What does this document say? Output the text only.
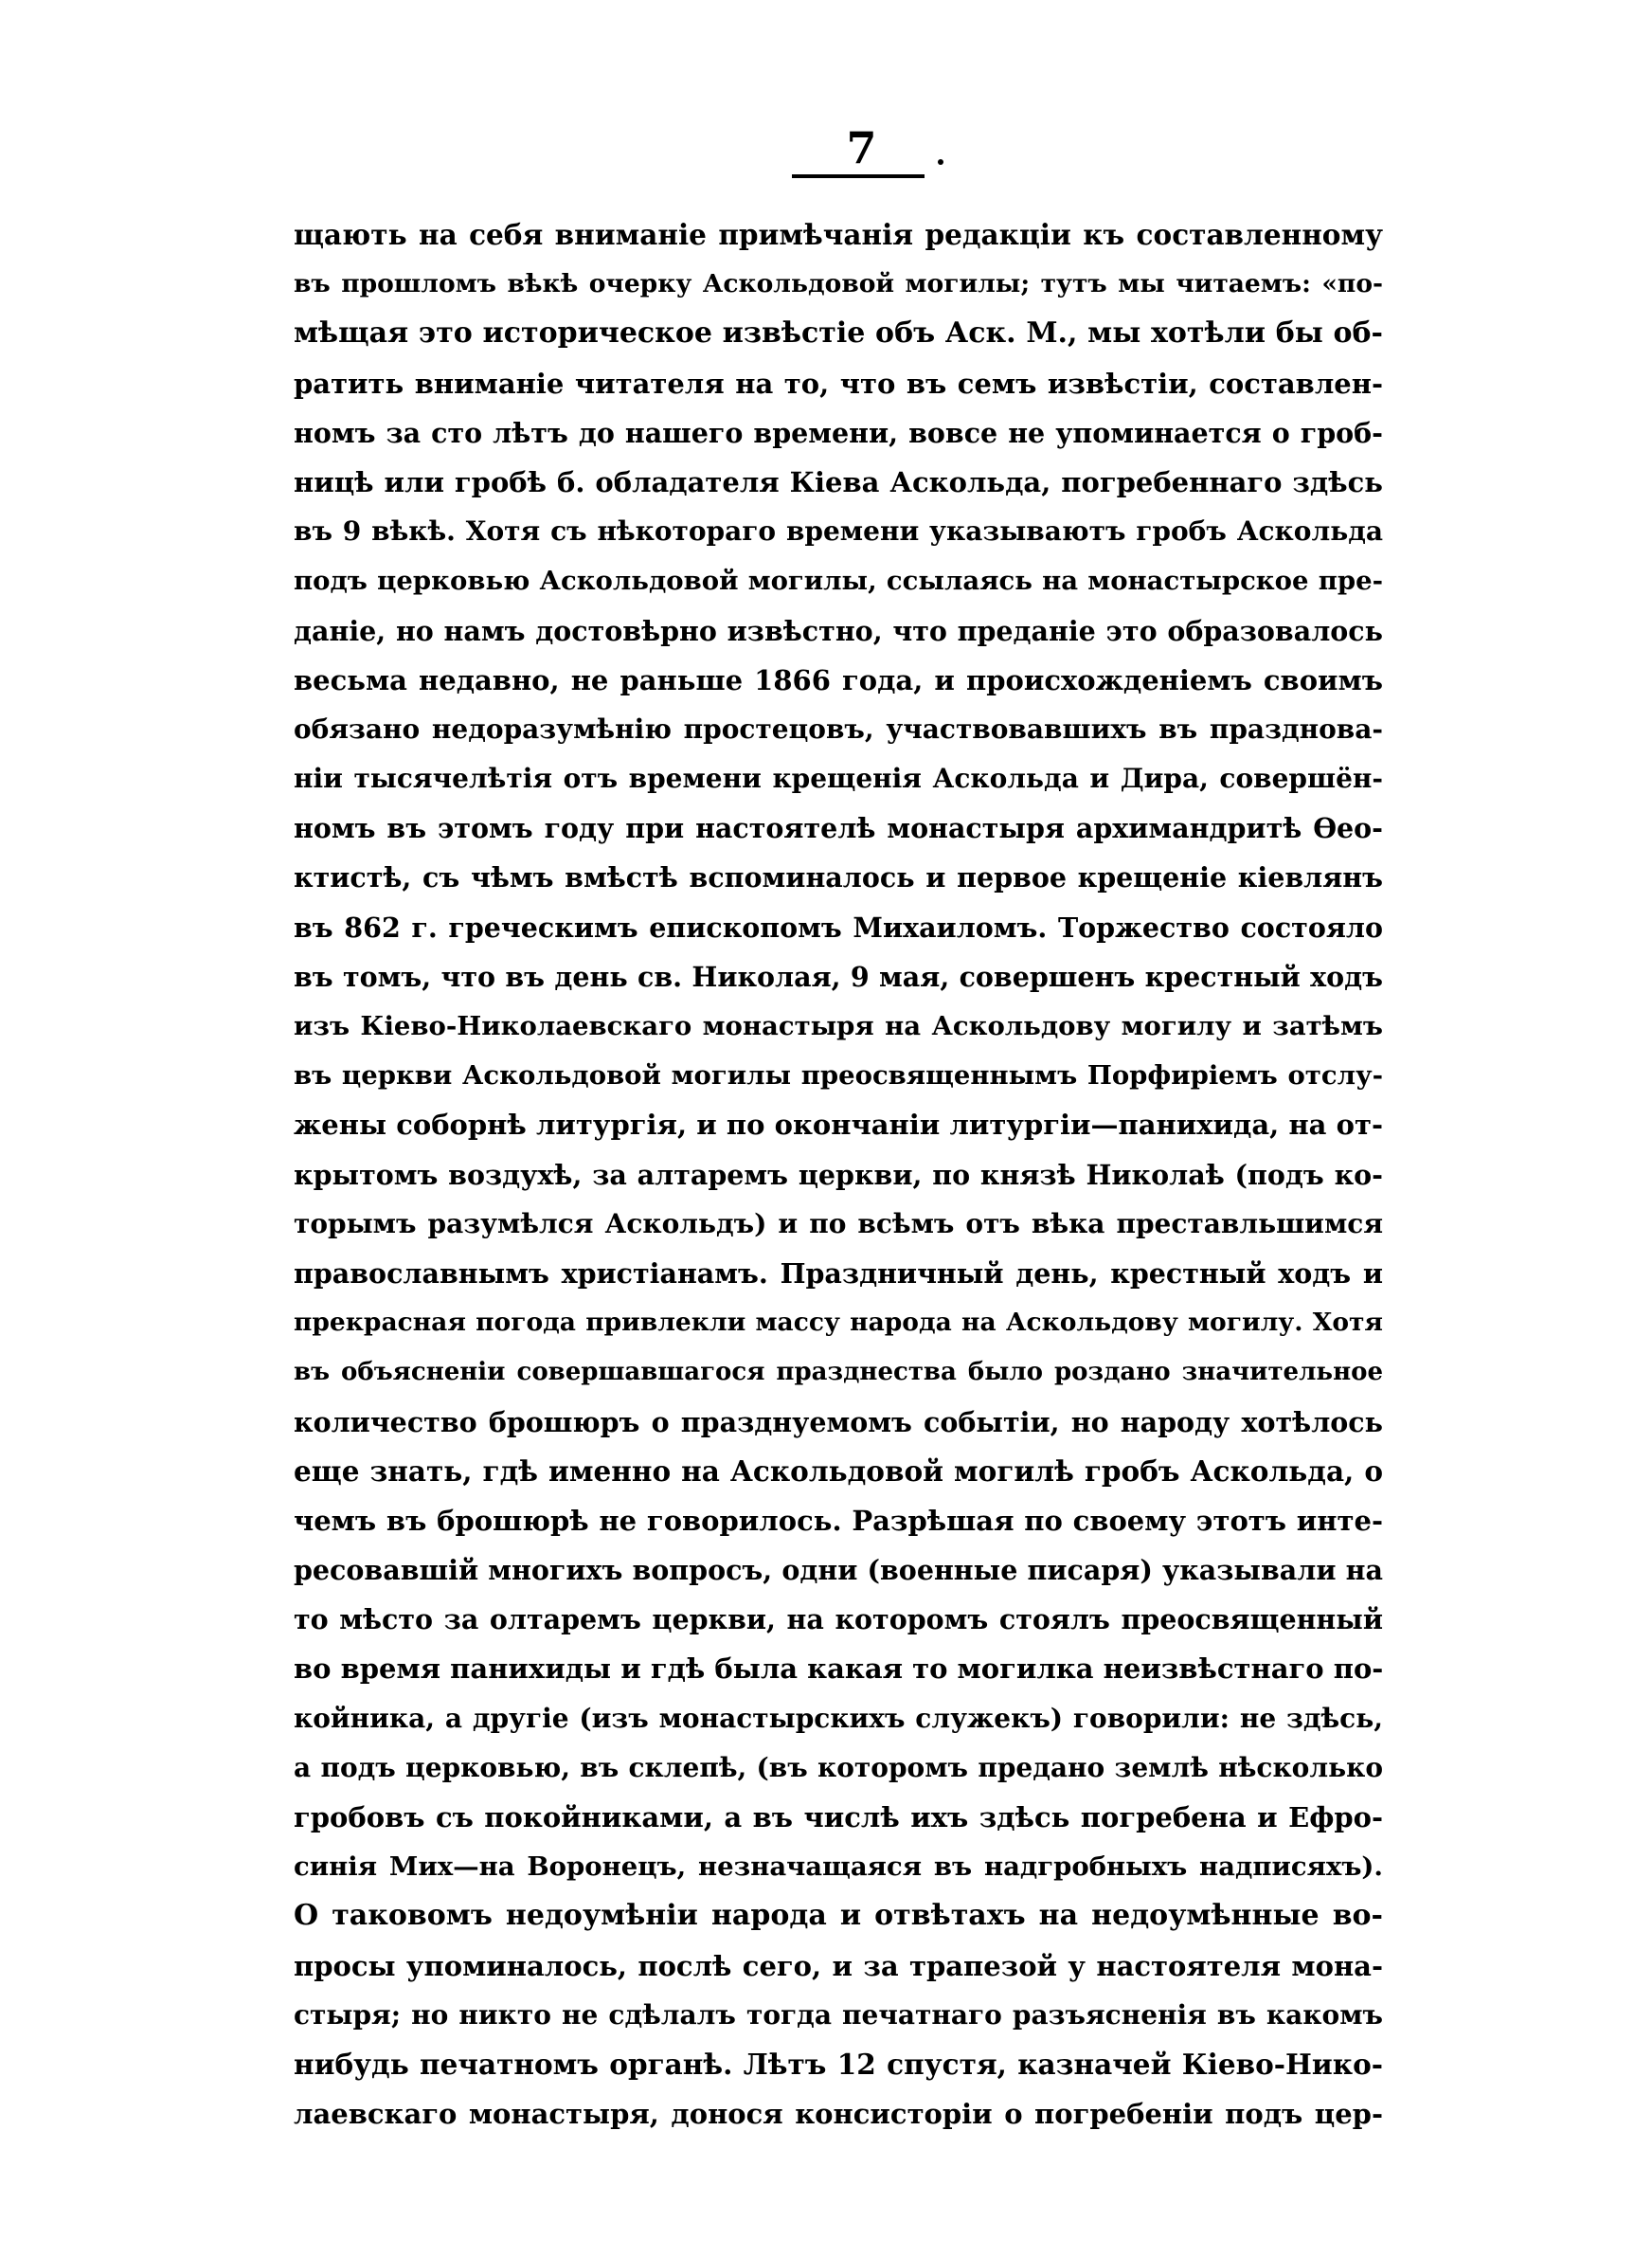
7
щають на себя вниманіе примѣчанія редакціи къ составленному
въ прошломъ вѣкѣ очерку Аскольдовой могилы; тутъ мы читаемъ: «по-
мѣщая это историческое извѣстіе объ Аск. М., мы хотѣли бы об-
ратить вниманіе читателя на то, что въ семъ извѣстіи, составлен-
номъ за сто лѣтъ до нашего времени, вовсе не упоминается о гроб-
ницѣ или гробѣ б. обладателя Кіева Аскольда, погребеннаго здѣсь
въ 9 вѣкѣ. Хотя съ нѣкотораго времени указываютъ гробъ Аскольда
подъ церковью Аскольдовой могилы, ссылаясь на монастырское пре-
даніе, но намъ достовѣрно извѣстно, что преданіе это образовалось
весьма недавно, не раньше 1866 года, и происхожденіемъ своимъ
обязано недоразумѣнію простецовъ, участвовавшихъ въ празднова-
ніи тысячелѣтія отъ времени крещенія Аскольда и Дира, совершён-
номъ въ этомъ году при настоятелѣ монастыря архимандритѣ Ѳео-
ктистѣ, съ чѣмъ вмѣстѣ вспоминалось и первое крещеніе кіевлянъ
въ 862 г. греческимъ епископомъ Михаиломъ. Торжество состояло
въ томъ, что въ день св. Николая, 9 мая, совершенъ крестный ходъ
изъ Кіево-Николаевскаго монастыря на Аскольдову могилу и затѣмъ
въ церкви Аскольдовой могилы преосвященнымъ Порфиріемъ отслу-
жены соборнѣ литургія, и по окончаніи литургіи—панихида, на от-
крытомъ воздухѣ, за алтаремъ церкви, по князѣ Николаѣ (подъ ко-
торымъ разумѣлся Аскольдъ) и по всѣмъ отъ вѣка преставльшимся
православнымъ христіанамъ. Праздничный день, крестный ходъ и
прекрасная погода привлекли массу народа на Аскольдову могилу. Хотя
въ объясненіи совершавшагося празднества было роздано значительное
количество брошюръ о празднуемомъ событіи, но народу хотѣлось
еще знать, гдѣ именно на Аскольдовой могилѣ гробъ Аскольда, о
чемъ въ брошюрѣ не говорилось. Разрѣшая по своему этотъ инте-
ресовавшій многихъ вопросъ, одни (военные писаря) указывали на
то мѣсто за олтаремъ церкви, на которомъ стоялъ преосвященный
во время панихиды и гдѣ была какая то могилка неизвѣстнаго по-
койника, а другіе (изъ монастырскихъ служекъ) говорили: не здѣсь,
а подъ церковью, въ склепѣ, (въ которомъ предано землѣ нѣсколько
гробовъ съ покойниками, а въ числѣ ихъ здѣсь погребена и Ефро-
синія Мих—на Воронецъ, незначащаяся въ надгробныхъ надписяхъ).
О таковомъ недоумѣніи народа и отвѣтахъ на недоумѣнные во-
просы упоминалось, послѣ сего, и за трапезой у настоятеля мона-
стыря; но никто не сдѣлалъ тогда печатнаго разъясненія въ какомъ
нибудь печатномъ органѣ. Лѣтъ 12 спустя, казначей Кіево-Нико-
лаевскаго монастыря, донося консисторіи о погребеніи подъ цер-
